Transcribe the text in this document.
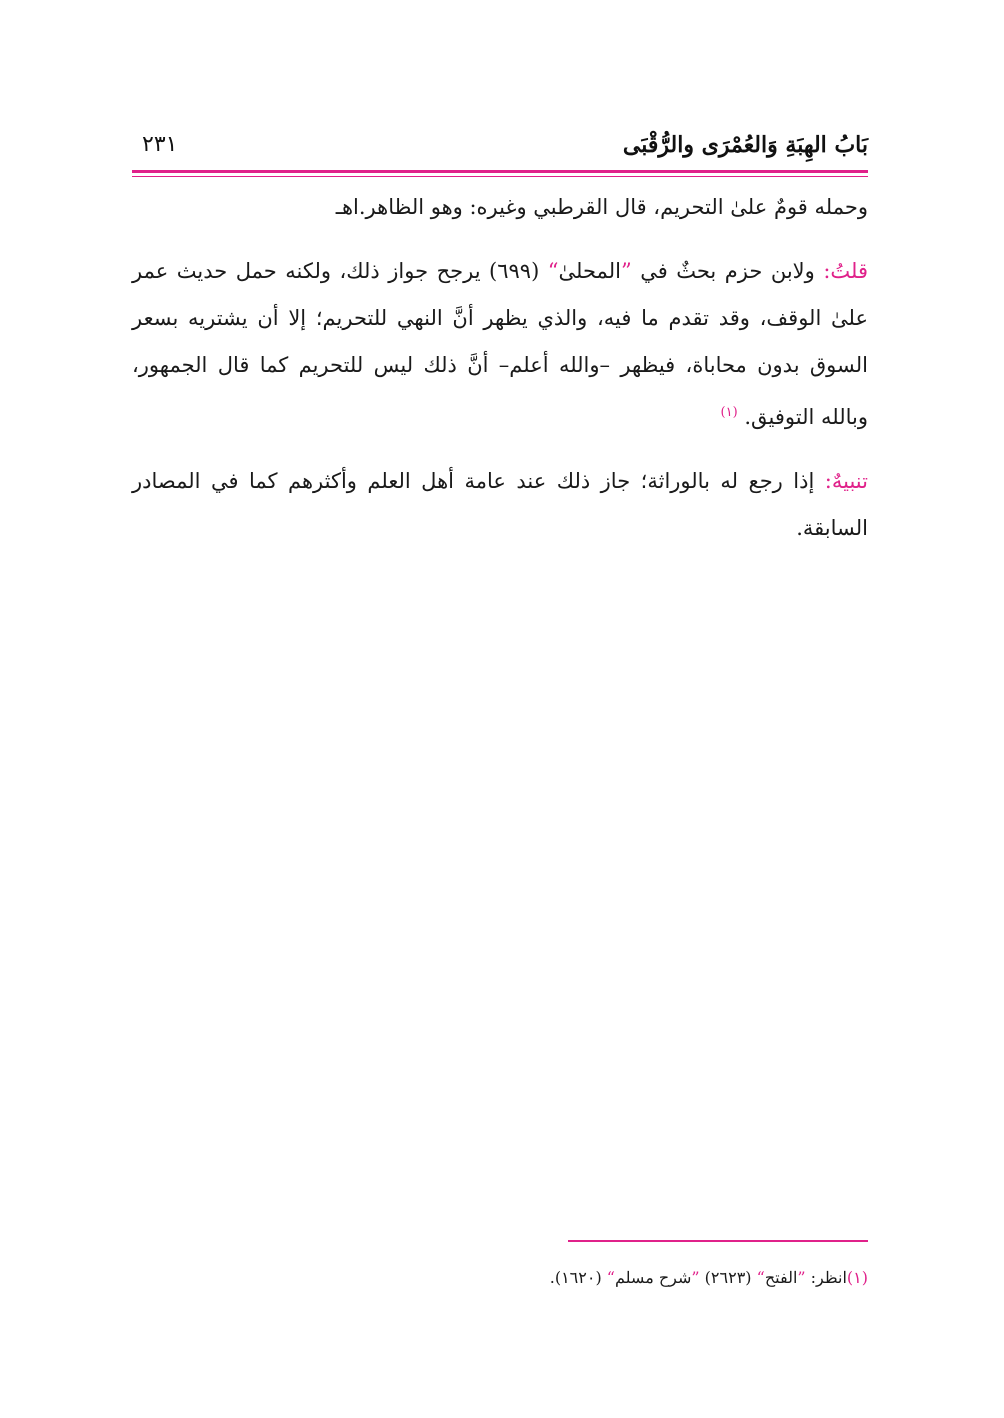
بَابُ الهِبَةِ وَالعُمْرَى والرُّقْبَى
٢٣١

وحمله قومٌ علىٰ التحريم، قال القرطبي وغيره: وهو الظاهر.اهـ

قلتُ: ولابن حزم بحثٌ في ”المحلىٰ“ (٦٩٩) يرجح جواز ذلك، ولكنه حمل حديث عمر علىٰ الوقف، وقد تقدم ما فيه، والذي يظهر أنَّ النهي للتحريم؛ إلا أن يشتريه بسعر السوق بدون محاباة، فيظهر –والله أعلم– أنَّ ذلك ليس للتحريم كما قال الجمهور، وبالله التوفيق. $^{(١)}$

تنبيهٌ: إذا رجع له بالوراثة؛ جاز ذلك عند عامة أهل العلم وأكثرهم كما في المصادر السابقة.

(١)انظر: ”الفتح“ (٢٦٢٣) ”شرح مسلم“ (١٦٢٠).
